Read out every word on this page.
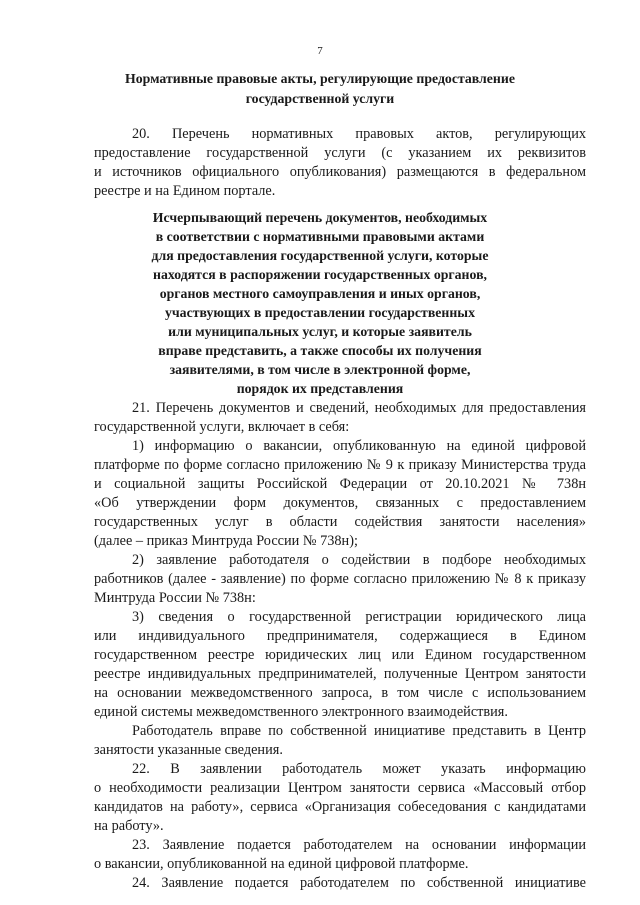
7
Нормативные правовые акты, регулирующие предоставление
государственной услуги
20. Перечень нормативных правовых актов, регулирующих
предоставление государственной услуги (с указанием их реквизитов
и источников официального опубликования) размещаются в федеральном
реестре и на Едином портале.
Исчерпывающий перечень документов, необходимых
в соответствии с нормативными правовыми актами
для предоставления государственной услуги, которые
находятся в распоряжении государственных органов,
органов местного самоуправления и иных органов,
участвующих в предоставлении государственных
или муниципальных услуг, и которые заявитель
вправе представить, а также способы их получения
заявителями, в том числе в электронной форме,
порядок их представления
21. Перечень документов и сведений, необходимых для предоставления
государственной услуги, включает в себя:
1) информацию о вакансии, опубликованную на единой цифровой
платформе по форме согласно приложению № 9 к приказу Министерства труда
и социальной защиты Российской Федерации от 20.10.2021 № 738н
«Об утверждении форм документов, связанных с предоставлением
государственных услуг в области содействия занятости населения»
(далее – приказ Минтруда России № 738н);
2) заявление работодателя о содействии в подборе необходимых
работников (далее - заявление) по форме согласно приложению № 8 к приказу
Минтруда России № 738н:
3) сведения о государственной регистрации юридического лица
или индивидуального предпринимателя, содержащиеся в Едином
государственном реестре юридических лиц или Едином государственном
реестре индивидуальных предпринимателей, полученные Центром занятости
на основании межведомственного запроса, в том числе с использованием
единой системы межведомственного электронного взаимодействия.
Работодатель вправе по собственной инициативе представить в Центр
занятости указанные сведения.
22. В заявлении работодатель может указать информацию
о необходимости реализации Центром занятости сервиса «Массовый отбор
кандидатов на работу», сервиса «Организация собеседования с кандидатами
на работу».
23. Заявление подается работодателем на основании информации
о вакансии, опубликованной на единой цифровой платформе.
24. Заявление подается работодателем по собственной инициативе
